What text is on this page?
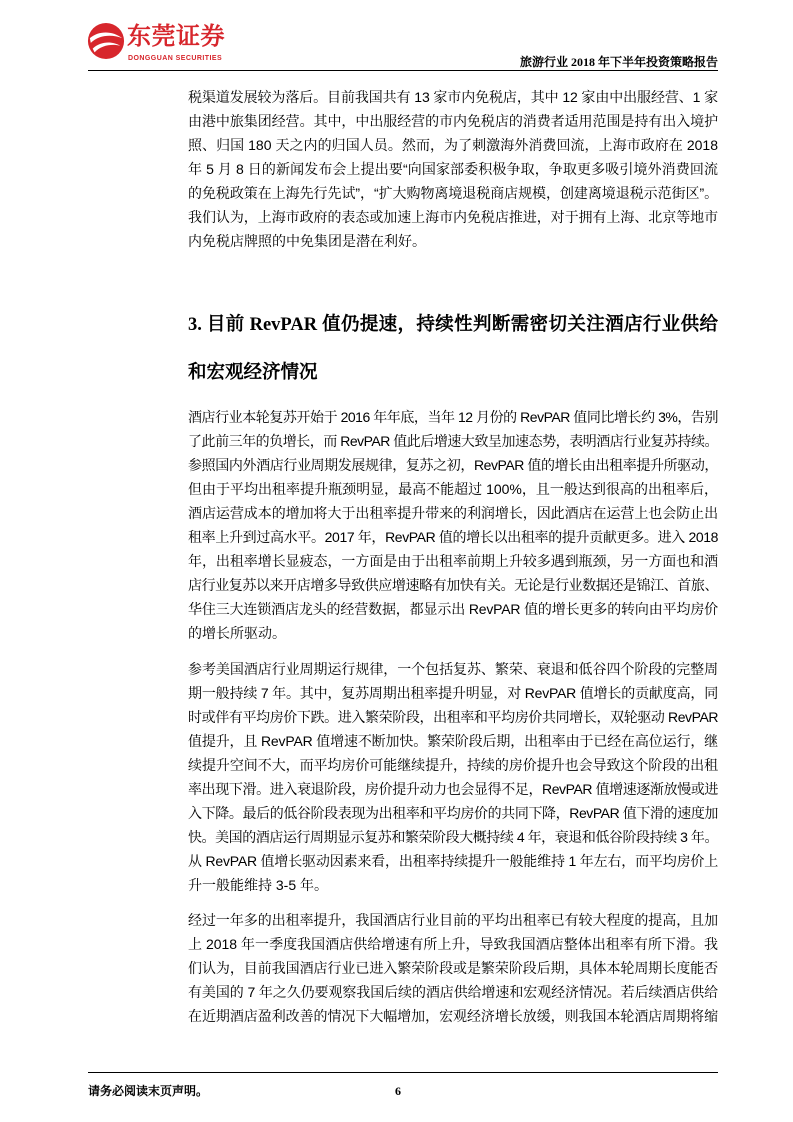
东莞证券
DONGGUAN SECURITIES	旅游行业 2018 年下半年投资策略报告
税渠道发展较为落后。目前我国共有 13 家市内免税店，其中 12 家由中出服经营、1 家
由港中旅集团经营。其中，中出服经营的市内免税店的消费者适用范围是持有出入境护
照、归国 180 天之内的归国人员。然而，为了刺激海外消费回流，上海市政府在 2018
年 5 月 8 日的新闻发布会上提出要“向国家部委积极争取，争取更多吸引境外消费回流
的免税政策在上海先行先试”，“扩大购物离境退税商店规模，创建离境退税示范街区”。
我们认为，上海市政府的表态或加速上海市内免税店推进，对于拥有上海、北京等地市
内免税店牌照的中免集团是潜在利好。
3. 目前 RevPAR 值仍提速，持续性判断需密切关注酒店行业供给
和宏观经济情况
酒店行业本轮复苏开始于 2016 年年底，当年 12 月份的 RevPAR 值同比增长约 3%，告别
了此前三年的负增长，而 RevPAR 值此后增速大致呈加速态势，表明酒店行业复苏持续。
参照国内外酒店行业周期发展规律，复苏之初，RevPAR 值的增长由出租率提升所驱动，
但由于平均出租率提升瓶颈明显，最高不能超过 100%，且一般达到很高的出租率后，
酒店运营成本的增加将大于出租率提升带来的利润增长，因此酒店在运营上也会防止出
租率上升到过高水平。2017 年，RevPAR 值的增长以出租率的提升贡献更多。进入 2018
年，出租率增长显疲态，一方面是由于出租率前期上升较多遇到瓶颈，另一方面也和酒
店行业复苏以来开店增多导致供应增速略有加快有关。无论是行业数据还是锦江、首旅、
华住三大连锁酒店龙头的经营数据，都显示出 RevPAR 值的增长更多的转向由平均房价
的增长所驱动。
参考美国酒店行业周期运行规律，一个包括复苏、繁荣、衰退和低谷四个阶段的完整周
期一般持续 7 年。其中，复苏周期出租率提升明显，对 RevPAR 值增长的贡献度高，同
时或伴有平均房价下跌。进入繁荣阶段，出租率和平均房价共同增长，双轮驱动 RevPAR
值提升，且 RevPAR 值增速不断加快。繁荣阶段后期，出租率由于已经在高位运行，继
续提升空间不大，而平均房价可能继续提升，持续的房价提升也会导致这个阶段的出租
率出现下滑。进入衰退阶段，房价提升动力也会显得不足，RevPAR 值增速逐渐放慢或进
入下降。最后的低谷阶段表现为出租率和平均房价的共同下降，RevPAR 值下滑的速度加
快。美国的酒店运行周期显示复苏和繁荣阶段大概持续 4 年，衰退和低谷阶段持续 3 年。
从 RevPAR 值增长驱动因素来看，出租率持续提升一般能维持 1 年左右，而平均房价上
升一般能维持 3-5 年。
经过一年多的出租率提升，我国酒店行业目前的平均出租率已有较大程度的提高，且加
上 2018 年一季度我国酒店供给增速有所上升，导致我国酒店整体出租率有所下滑。我
们认为，目前我国酒店行业已进入繁荣阶段或是繁荣阶段后期，具体本轮周期长度能否
有美国的 7 年之久仍要观察我国后续的酒店供给增速和宏观经济情况。若后续酒店供给
在近期酒店盈利改善的情况下大幅增加，宏观经济增长放缓，则我国本轮酒店周期将缩
请务必阅读末页声明。	6
